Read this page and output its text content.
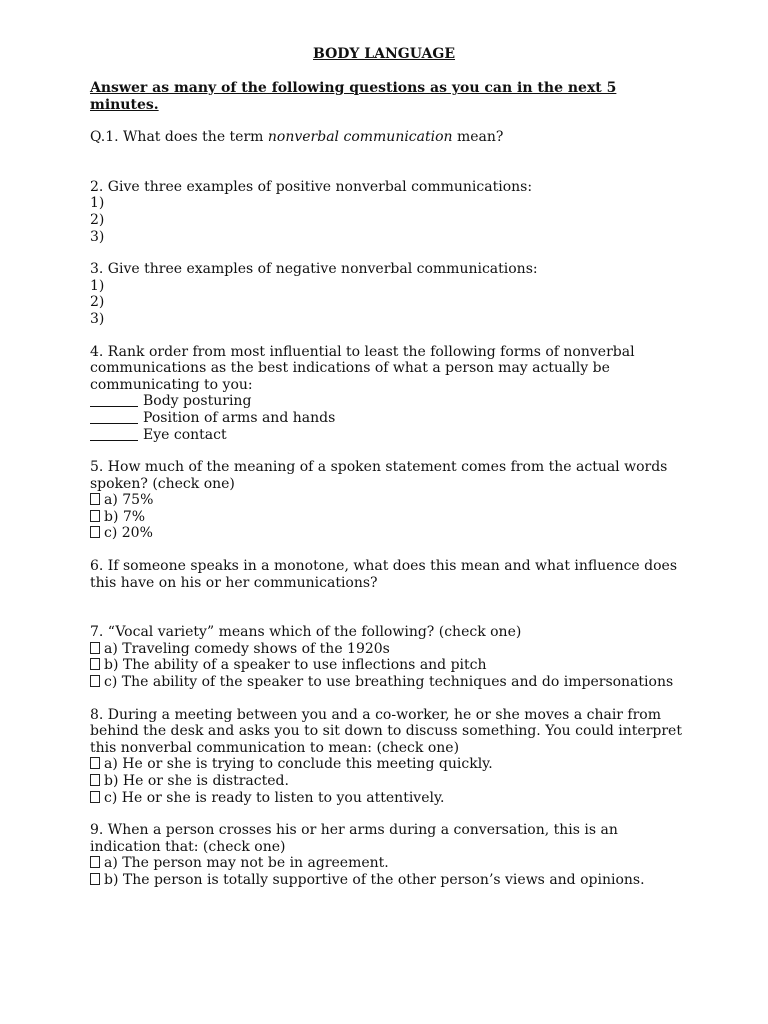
BODY LANGUAGE
Answer as many of the following questions as you can in the next 5 minutes.
Q.1. What does the term nonverbal communication mean?
2. Give three examples of positive nonverbal communications:
1)
2)
3)
3. Give three examples of negative nonverbal communications:
1)
2)
3)
4. Rank order from most influential to least the following forms of nonverbal communications as the best indications of what a person may actually be communicating to you:
Body posturing
Position of arms and hands
Eye contact
5. How much of the meaning of a spoken statement comes from the actual words spoken? (check one)
a) 75%
b) 7%
c) 20%
6. If someone speaks in a monotone, what does this mean and what influence does this have on his or her communications?
7. “Vocal variety” means which of the following? (check one)
a) Traveling comedy shows of the 1920s
b) The ability of a speaker to use inflections and pitch
c) The ability of the speaker to use breathing techniques and do impersonations
8. During a meeting between you and a co-worker, he or she moves a chair from behind the desk and asks you to sit down to discuss something. You could interpret this nonverbal communication to mean: (check one)
a) He or she is trying to conclude this meeting quickly.
b) He or she is distracted.
c) He or she is ready to listen to you attentively.
9. When a person crosses his or her arms during a conversation, this is an indication that: (check one)
a) The person may not be in agreement.
b) The person is totally supportive of the other person’s views and opinions.
